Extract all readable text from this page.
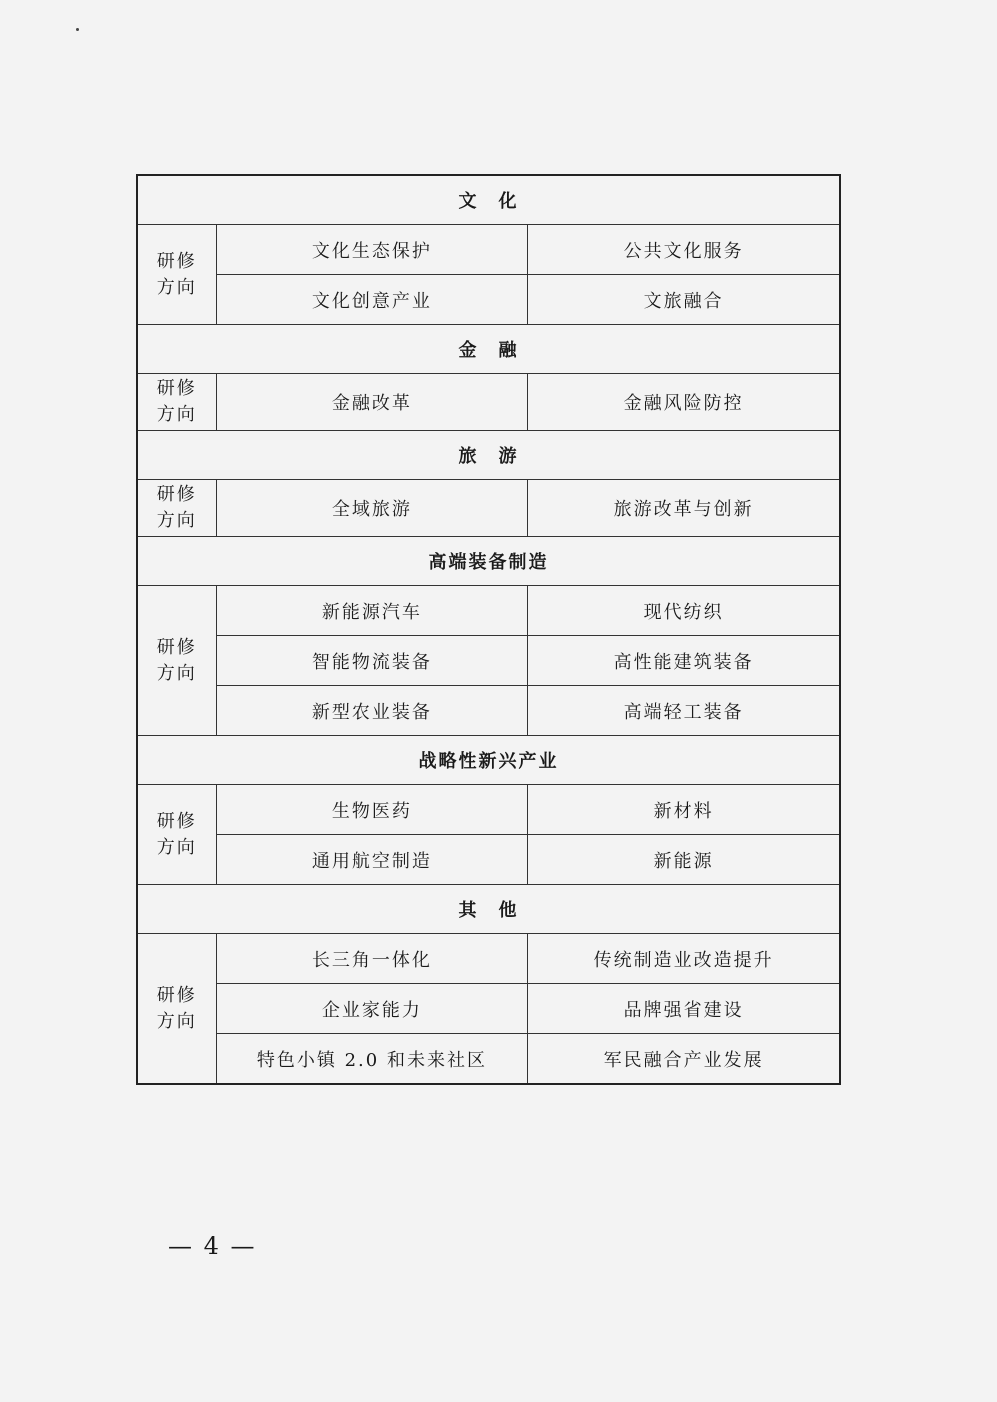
文　化		

研修
方向	文化生态保护	公共文化服务
	文化创意产业	文旅融合
金　融		

研修
方向	金融改革	金融风险防控
旅　游		

研修
方向	全域旅游	旅游改革与创新
高端装备制造		

研修
方向	新能源汽车	现代纺织
	智能物流装备	高性能建筑装备
	新型农业装备	高端轻工装备
战略性新兴产业		

研修
方向	生物医药	新材料
	通用航空制造	新能源
其　他		

研修
方向	长三角一体化	传统制造业改造提升
	企业家能力	品牌强省建设
	特色小镇 2.0 和未来社区	军民融合产业发展
— 4 —
